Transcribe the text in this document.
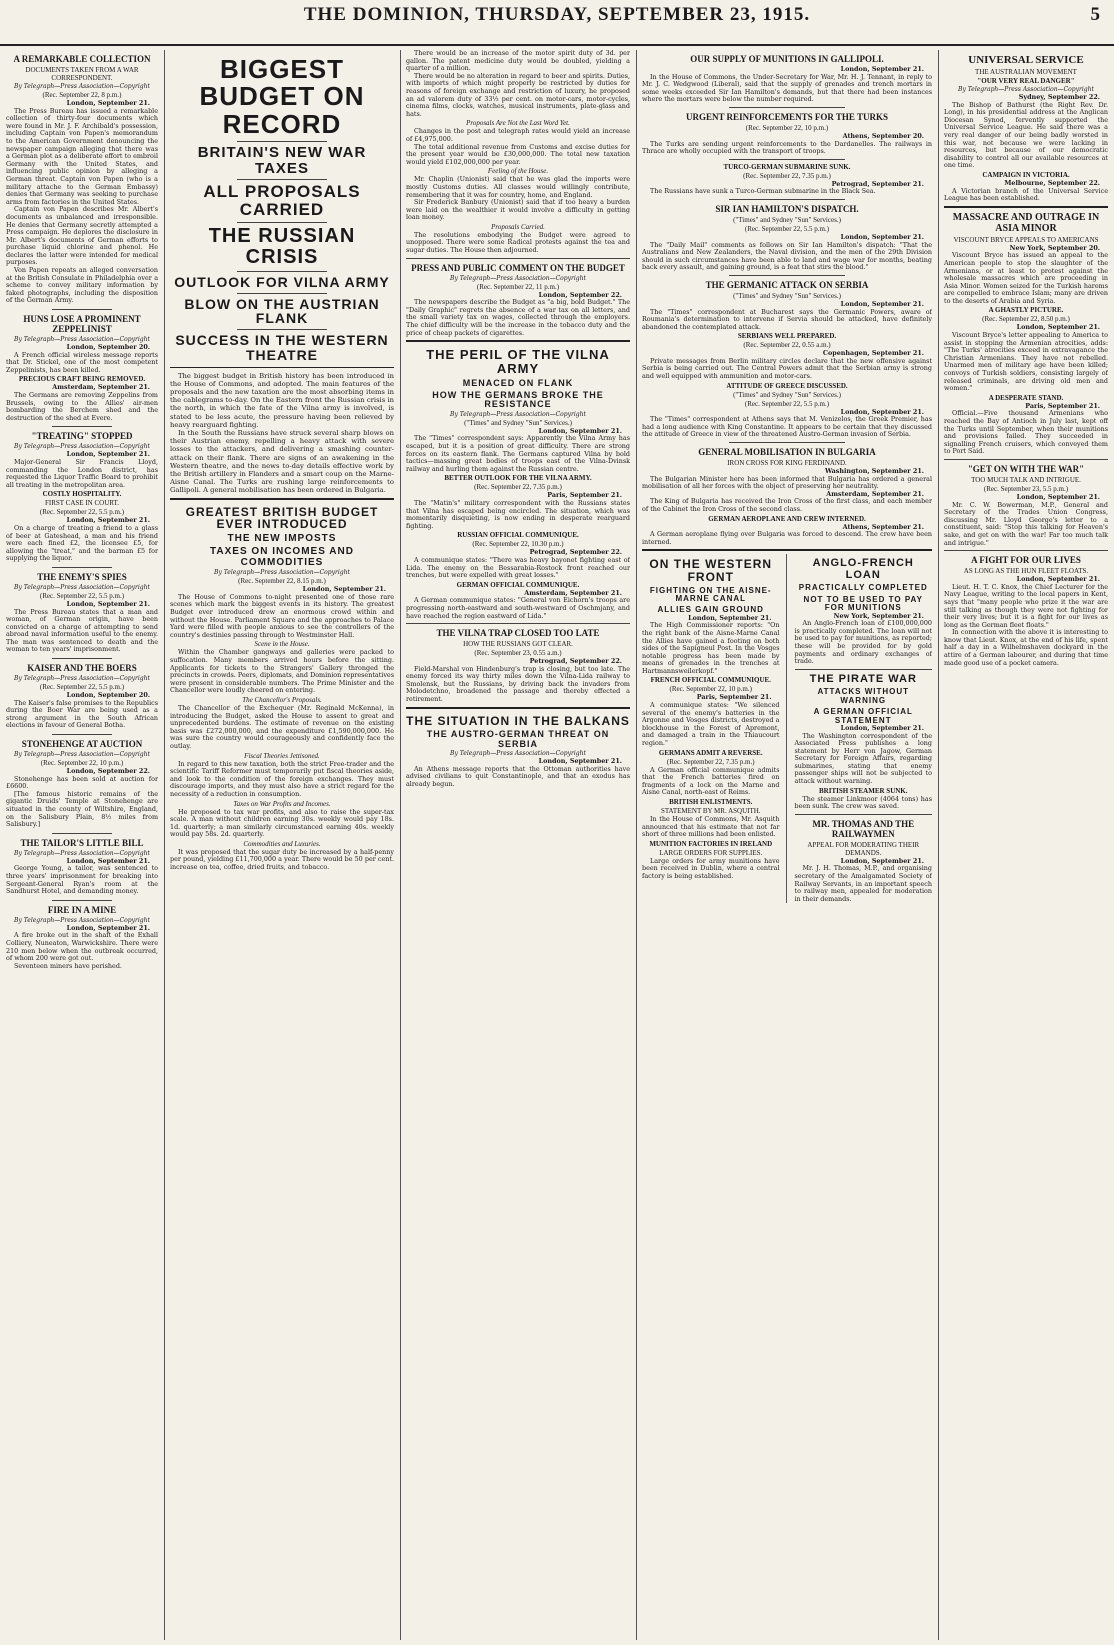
THE DOMINION, THURSDAY, SEPTEMBER 23, 1915.	5
A REMARKABLE COLLECTION
DOCUMENTS TAKEN FROM A WAR CORRESPONDENT.
By Telegraph—Press Association—Copyright
(Rec. September 22, 8 p.m.)
London, September 21.

The Press Bureau has issued a remarkable collection of thirty-four documents which were found in Mr. J. F. Archibald's possession, including Captain von Papen's memorandum to the American Government denouncing the newspaper campaign alleging that there was a German plot as a deliberate effort to embroil Germany with the United States, and influencing public opinion by alleging a German threat. Captain von Papen (who is a military attache to the German Embassy) denies that Germany was seeking to purchase arms from factories in the United States.

Captain von Papen describes Mr. Albert's documents as unbalanced and irresponsible. He denies that Germany secretly attempted a Press campaign. He deplores the disclosure in Mr. Albert's documents of German efforts to purchase liquid chlorine and phenol. He declares the latter were intended for medical purposes.

Von Papen repeats an alleged conversation at the British Consulate in Philadelphia over a scheme to convey military information by faked photographs, including the disposition of the German Army.

HUNS LOSE A PROMINENT ZEPPELINIST
By Telegraph—Press Association—Copyright
London, September 20.

A French official wireless message reports that Dr. Stickel, one of the most competent Zeppelinists, has been killed.

PRECIOUS CRAFT BEING REMOVED.
Amsterdam, September 21.

The Germans are removing Zeppelins from Brussels, owing to the Allies' air-men bombarding the Berchem shed and the destruction of the shed at Evere.

"TREATING" STOPPED
By Telegraph—Press Association—Copyright
London, September 21.

Major-General Sir Francis Lloyd, commanding the London district, has requested the Liquor Traffic Board to prohibit all treating in the metropolitan area.

COSTLY HOSPITALITY.
FIRST CASE IN COURT.
(Rec. September 22, 5.5 p.m.)
London, September 21.

On a charge of treating a friend to a glass of beer at Gateshead, a man and his friend were each fined £2, the licensee £5, for allowing the "treat," and the barman £5 for supplying the liquor.

THE ENEMY'S SPIES
By Telegraph—Press Association—Copyright
(Rec. September 22, 5.5 p.m.)
London, September 21.

The Press Bureau states that a man and woman, of German origin, have been convicted on a charge of attempting to send abroad naval information useful to the enemy. The man was sentenced to death and the woman to ten years' imprisonment.

KAISER AND THE BOERS
By Telegraph—Press Association—Copyright
(Rec. September 22, 5.5 p.m.)
London, September 20.

The Kaiser's false promises to the Republics during the Boer War are being used as a strong argument in the South African elections in favour of General Botha.

STONEHENGE AT AUCTION
By Telegraph—Press Association—Copyright
(Rec. September 22, 10 p.m.)
London, September 22.

Stonehenge has been sold at auction for £6600.

[The famous historic remains of the gigantic Druids' Temple at Stonehenge are situated in the county of Wiltshire, England, on the Salisbury Plain, 8½ miles from Salisbury.]

THE TAILOR'S LITTLE BILL
By Telegraph—Press Association—Copyright
London, September 21.

George Young, a tailor, was sentenced to three years' imprisonment for breaking into Sergeant-General Ryan's room at the Sandhurst Hotel, and demanding money.

FIRE IN A MINE
By Telegraph—Press Association—Copyright
London, September 21.

A fire broke out in the shaft of the Exhall Colliery, Nuneaton, Warwickshire. There were 210 men below when the outbreak occurred, of whom 200 were got out.

Seventeen miners have perished.

BIGGEST BUDGET ON RECORD
BRITAIN'S NEW WAR TAXES
ALL PROPOSALS CARRIED
THE RUSSIAN CRISIS
OUTLOOK FOR VILNA ARMY
BLOW ON THE AUSTRIAN FLANK
SUCCESS IN THE WESTERN THEATRE

The biggest budget in British history has been introduced in the House of Commons, and adopted. The main features of the proposals and the new taxation are the most absorbing items in the cablegrams to-day. On the Eastern front the Russian crisis in the north, in which the fate of the Vilna army is involved, is stated to be less acute, the pressure having been relieved by heavy rearguard fighting.

In the South the Russians have struck several sharp blows on their Austrian enemy, repelling a heavy attack with severe losses to the attackers, and delivering a smashing counter-attack on their flank. There are signs of an awakening in the Western theatre, and the news to-day details effective work by the British artillery in Flanders and a smart coup on the Marne-Aisne Canal. The Turks are rushing large reinforcements to Gallipoli. A general mobilisation has been ordered in Bulgaria.

GREATEST BRITISH BUDGET EVER INTRODUCED
THE NEW IMPOSTS
TAXES ON INCOMES AND COMMODITIES
By Telegraph—Press Association—Copyright
(Rec. September 22, 8.15 p.m.)
London, September 21.

The House of Commons to-night presented one of those rare scenes which mark the biggest events in its history. The greatest Budget ever introduced drew an enormous crowd within and without the House. Parliament Square and the approaches to Palace Yard were filled with people anxious to see the controllers of the country's destinies passing through to Westminster Hall.

Scene in the House.

Within the Chamber gangways and galleries were packed to suffocation. Many members arrived hours before the sitting. Applicants for tickets to the Strangers' Gallery thronged the precincts in crowds. Peers, diplomats, and Dominion representatives were present in considerable numbers. The Prime Minister and the Chancellor were loudly cheered on entering.

The Chancellor's Proposals.

The Chancellor of the Exchequer (Mr. Reginald McKenna), in introducing the Budget, asked the House to assent to great and unprecedented burdens. The estimate of revenue on the existing basis was £272,000,000, and the expenditure £1,590,000,000. He was sure the country would courageously and confidently face the outlay.

Fiscal Theories Jettisoned.

In regard to this new taxation, both the strict Free-trader and the scientific Tariff Reformer must temporarily put fiscal theories aside, and look to the condition of the foreign exchanges. They must discourage imports, and they must also have a strict regard for the necessity of a reduction in consumption.

Taxes on War Profits and Incomes.

He proposed to tax war profits, and also to raise the super-tax scale. A man without children earning 30s. weekly would pay 18s. 1d. quarterly; a man similarly circumstanced earning 40s. weekly would pay 58s. 2d. quarterly.

Commodities and Luxuries.

It was proposed that the sugar duty be increased by a half-penny per pound, yielding £11,700,000 a year. There would be 50 per cent. increase on tea, coffee, dried fruits, and tobacco.

There would be an increase of the motor spirit duty of 3d. per gallon. The patent medicine duty would be doubled, yielding a quarter of a million.

There would be no alteration in regard to beer and spirits. Duties, with imports of which might properly be restricted by duties for reasons of foreign exchange and restriction of luxury, he proposed an ad valorem duty of 33⅓ per cent. on motor-cars, motor-cycles, cinema films, clocks, watches, musical instruments, plate-glass and hats.

Proposals Are Not the Last Word Yet.

Changes in the post and telegraph rates would yield an increase of £4,975,000.

The total additional revenue from Customs and excise duties for the present year would be £30,000,000. The total new taxation would yield £102,000,000 per year.

Feeling of the House.

Mr. Chaplin (Unionist) said that he was glad the imports were mostly Customs duties. All classes would willingly contribute, remembering that it was for country, home, and England.

Sir Frederick Banbury (Unionist) said that if too heavy a burden were laid on the wealthier it would involve a difficulty in getting loan money.

Proposals Carried.

The resolutions embodying the Budget were agreed to unopposed. There were some Radical protests against the tea and sugar duties. The House then adjourned.

PRESS AND PUBLIC COMMENT ON THE BUDGET
By Telegraph—Press Association—Copyright
(Rec. September 22, 11 p.m.)
London, September 22.

The newspapers describe the Budget as "a big, bold Budget." The "Daily Graphic" regrets the absence of a war tax on all letters, and the small variety tax on wages, collected through the employers. The chief difficulty will be the increase in the tobacco duty and the price of cheap packets of cigarettes.

THE PERIL OF THE VILNA ARMY
MENACED ON FLANK
HOW THE GERMANS BROKE THE RESISTANCE
By Telegraph—Press Association—Copyright
("Times" and Sydney "Sun" Services.)
London, September 21.

The "Times" correspondent says: Apparently the Vilna Army has escaped, but it is a position of great difficulty. There are strong forces on its eastern flank. The Germans captured Vilna by bold tactics—massing great bodies of troops east of the Vilna-Dvinsk railway and hurling them against the Russian centre.

BETTER OUTLOOK FOR THE VILNA ARMY.
(Rec. September 22, 7.35 p.m.)
Paris, September 21.

The "Matin's" military correspondent with the Russians states that Vilna has escaped being encircled. The situation, which was momentarily disquieting, is now ending in desperate rearguard fighting.

RUSSIAN OFFICIAL COMMUNIQUE.
(Rec. September 22, 10.30 p.m.)
Petrograd, September 22.

A communique states: "There was heavy bayonet fighting east of Lida. The enemy on the Bessarabia-Rostock front reached our trenches, but were expelled with great losses."

GERMAN OFFICIAL COMMUNIQUE.
Amsterdam, September 21.

A German communique states: "General von Eichorn's troops are progressing north-eastward and south-westward of Oschmjany, and have reached the region eastward of Lida."

THE VILNA TRAP CLOSED TOO LATE
HOW THE RUSSIANS GOT CLEAR.
(Rec. September 23, 0.55 a.m.)
Petrograd, September 22.

Field-Marshal von Hindenburg's trap is closing, but too late. The enemy forced its way thirty miles down the Vilna-Lida railway to Smolensk, but the Russians, by driving back the invaders from Molodetchno, broadened the passage and thereby effected a retirement.

THE SITUATION IN THE BALKANS
THE AUSTRO-GERMAN THREAT ON SERBIA
By Telegraph—Press Association—Copyright
London, September 21.

An Athens message reports that the Ottoman authorities have advised civilians to quit Constantinople, and that an exodus has already begun.

OUR SUPPLY OF MUNITIONS IN GALLIPOLI.
London, September 21.

In the House of Commons, the Under-Secretary for War, Mr. H. J. Tennant, in reply to Mr. J. C. Wedgwood (Liberal), said that the supply of grenades and trench mortars in some weeks exceeded Sir Ian Hamilton's demands, but that there had been instances where the mortars were below the number required.

URGENT REINFORCEMENTS FOR THE TURKS
(Rec. September 22, 10 p.m.)
Athens, September 20.

The Turks are sending urgent reinforcements to the Dardanelles. The railways in Thrace are wholly occupied with the transport of troops.

TURCO-GERMAN SUBMARINE SUNK.
(Rec. September 22, 7.35 p.m.)
Petrograd, September 21.

The Russians have sunk a Turco-German submarine in the Black Sea.

SIR IAN HAMILTON'S DISPATCH.
("Times" and Sydney "Sun" Services.)
(Rec. September 22, 5.5 p.m.)
London, September 21.

The "Daily Mail" comments as follows on Sir Ian Hamilton's dispatch: "That the Australians and New Zealanders, the Naval division, and the men of the 29th Division should in such circumstances have been able to land and wage war for months, beating back every assault, and gaining ground, is a feat that stirs the blood."

THE GERMANIC ATTACK ON SERBIA
("Times" and Sydney "Sun" Services.)
London, September 21.

The "Times" correspondent at Bucharest says the Germanic Powers, aware of Roumania's determination to intervene if Servia should be attacked, have definitely abandoned the contemplated attack.

SERBIANS WELL PREPARED.
(Rec. September 22, 0.55 a.m.)
Copenhagen, September 21.

Private messages from Berlin military circles declare that the new offensive against Serbia is being carried out. The Central Powers admit that the Serbian army is strong and well equipped with ammunition and motor-cars.

ATTITUDE OF GREECE DISCUSSED.
("Times" and Sydney "Sun" Services.)
(Rec. September 22, 5.5 p.m.)
London, September 21.

The "Times" correspondent at Athens says that M. Venizelos, the Greek Premier, has had a long audience with King Constantine. It appears to be certain that they discussed the attitude of Greece in view of the threatened Austro-German invasion of Serbia.

GENERAL MOBILISATION IN BULGARIA
IRON CROSS FOR KING FERDINAND.
Washington, September 21.

The Bulgarian Minister here has been informed that Bulgaria has ordered a general mobilisation of all her forces with the object of preserving her neutrality.

Amsterdam, September 21.

The King of Bulgaria has received the Iron Cross of the first class, and each member of the Cabinet the Iron Cross of the second class.

GERMAN AEROPLANE AND CREW INTERNED.
Athens, September 21.

A German aeroplane flying over Bulgaria was forced to descend. The crew have been interned.

ON THE WESTERN FRONT
FIGHTING ON THE AISNE-MARNE CANAL
ALLIES GAIN GROUND
London, September 21.

The High Commissioner reports: "On the right bank of the Aisne-Marne Canal the Allies have gained a footing on both sides of the Sapigneul Post. In the Vosges notable progress has been made by means of grenades in the trenches at Hartmannsweilerkopf."

FRENCH OFFICIAL COMMUNIQUE.
(Rec. September 22, 10 p.m.)
Paris, September 21.

A communique states: "We silenced several of the enemy's batteries in the Argonne and Vosges districts, destroyed a blockhouse in the Forest of Apremont, and damaged a train in the Thiaucourt region."

GERMANS ADMIT A REVERSE.
(Rec. September 22, 7.35 p.m.)

A German official communique admits that the French batteries fired on fragments of a lock on the Marne and Aisne Canal, north-east of Reims.

BRITISH ENLISTMENTS.
STATEMENT BY MR. ASQUITH.

In the House of Commons, Mr. Asquith announced that his estimate that not far short of three millions had been enlisted.

MUNITION FACTORIES IN IRELAND
LARGE ORDERS FOR SUPPLIES.

Large orders for army munitions have been received in Dublin, where a central factory is being established.

ANGLO-FRENCH LOAN
PRACTICALLY COMPLETED
NOT TO BE USED TO PAY FOR MUNITIONS
New York, September 21.

An Anglo-French loan of £100,000,000 is practically completed. The loan will not be used to pay for munitions, as reported; these will be provided for by gold payments and ordinary exchanges of trade.

THE PIRATE WAR
ATTACKS WITHOUT WARNING
A GERMAN OFFICIAL STATEMENT
London, September 21.

The Washington correspondent of the Associated Press publishes a long statement by Herr von Jagow, German Secretary for Foreign Affairs, regarding submarines, stating that enemy passenger ships will not be subjected to attack without warning.

BRITISH STEAMER SUNK.

The steamer Linkmoor (4064 tons) has been sunk. The crew was saved.

MR. THOMAS AND THE RAILWAYMEN
APPEAL FOR MODERATING THEIR DEMANDS.
London, September 21.

Mr. J. H. Thomas, M.P., and organising secretary of the Amalgamated Society of Railway Servants, in an important speech to railway men, appealed for moderation in their demands.

UNIVERSAL SERVICE
THE AUSTRALIAN MOVEMENT
"OUR VERY REAL DANGER"
By Telegraph—Press Association—Copyright
Sydney, September 22.

The Bishop of Bathurst (the Right Rev. Dr. Long), in his presidential address at the Anglican Diocesan Synod, fervently supported the Universal Service League. He said there was a very real danger of our being badly worsted in this war, not because we were lacking in resources, but because of our democratic disability to control all our available resources at one time.

CAMPAIGN IN VICTORIA.
Melbourne, September 22.

A Victorian branch of the Universal Service League has been established.

MASSACRE AND OUTRAGE IN ASIA MINOR
VISCOUNT BRYCE APPEALS TO AMERICANS
New York, September 20.

Viscount Bryce has issued an appeal to the American people to stop the slaughter of the Armenians, or at least to protest against the wholesale massacres which are proceeding in Asia Minor. Women seized for the Turkish harems are compelled to embrace Islam; many are driven to the deserts of Arabia and Syria.

A GHASTLY PICTURE.
(Rec. September 22, 8.50 p.m.)
London, September 21.

Viscount Bryce's letter appealing to America to assist in stopping the Armenian atrocities, adds: "The Turks' atrocities exceed in extravagance the Christian Armenians. They have not rebelled. Unarmed men of military age have been killed; convoys of Turkish soldiers, consisting largely of released criminals, are driving old men and women."

A DESPERATE STAND.
Paris, September 21.

Official.—Five thousand Armenians who reached the Bay of Antioch in July last, kept off the Turks until September, when their munitions and provisions failed. They succeeded in signalling French cruisers, which conveyed them to Port Said.

"GET ON WITH THE WAR"
TOO MUCH TALK AND INTRIGUE.
(Rec. September 23, 5.5 p.m.)
London, September 21.

Mr. C. W. Bowerman, M.P., General and Secretary of the Trades Union Congress, discussing Mr. Lloyd George's letter to a constituent, said: "Stop this talking for Heaven's sake, and get on with the war! Far too much talk and intrigue."

A FIGHT FOR OUR LIVES
AS LONG AS THE HUN FLEET FLOATS.
London, September 21.

Lieut. H. T. C. Knox, the Chief Lecturer for the Navy League, writing to the local papers in Kent, says that "many people who prize it the war are still talking as though they were not fighting for their very lives; but it is a fight for our lives as long as the German fleet floats."

In connection with the above it is interesting to know that Lieut. Knox, at the end of his life, spent half a day in a Wilhelmshaven dockyard in the attire of a German labourer, and during that time made good use of a pocket camera.
